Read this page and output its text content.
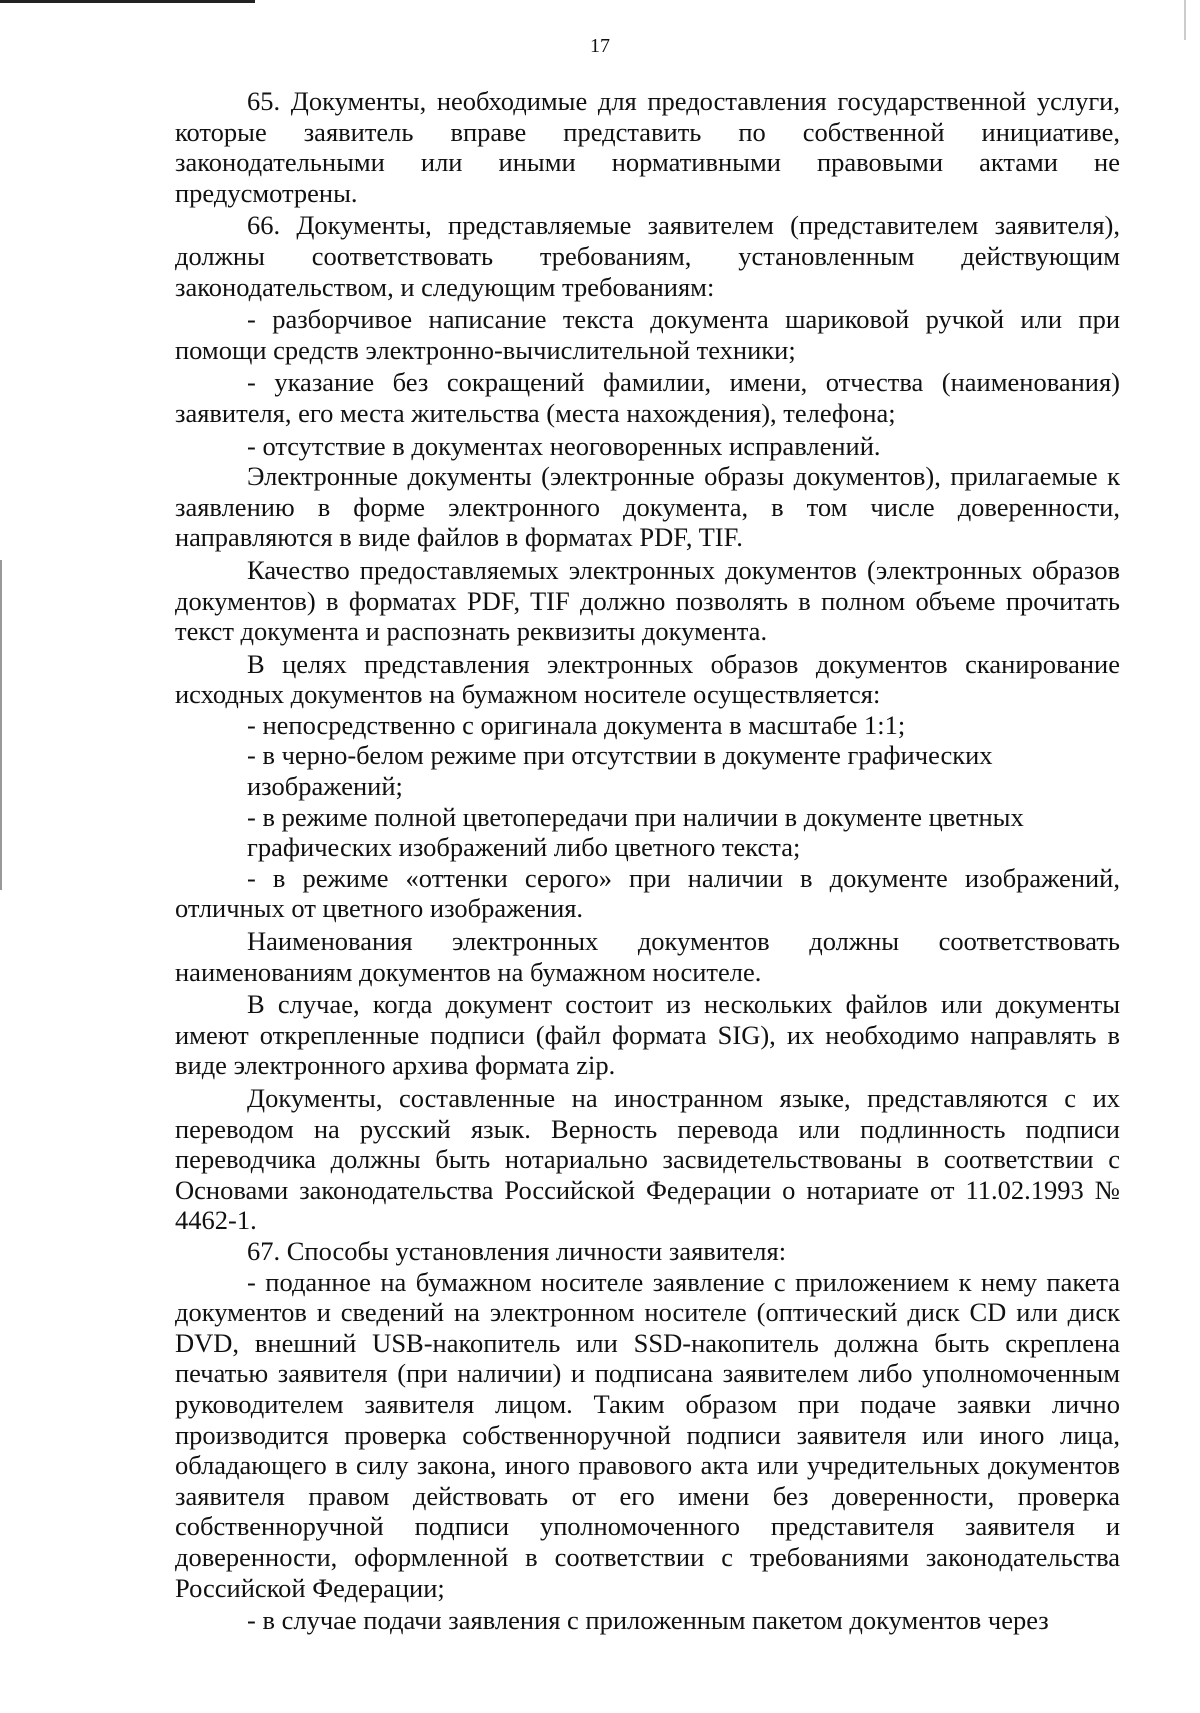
17

65. Документы, необходимые для предоставления государственной услуги, которые заявитель вправе представить по собственной инициативе, законодательными или иными нормативными правовыми актами не предусмотрены.

66. Документы, представляемые заявителем (представителем заявителя), должны соответствовать требованиям, установленным действующим законодательством, и следующим требованиям:

- разборчивое написание текста документа шариковой ручкой или при помощи средств электронно-вычислительной техники;

- указание без сокращений фамилии, имени, отчества (наименования) заявителя, его места жительства (места нахождения), телефона;

- отсутствие в документах неоговоренных исправлений.

Электронные документы (электронные образы документов), прилагаемые к заявлению в форме электронного документа, в том числе доверенности, направляются в виде файлов в форматах PDF, TIF.

Качество предоставляемых электронных документов (электронных образов документов) в форматах PDF, TIF должно позволять в полном объеме прочитать текст документа и распознать реквизиты документа.

В целях представления электронных образов документов сканирование исходных документов на бумажном носителе осуществляется:

- непосредственно с оригинала документа в масштабе 1:1;

- в черно-белом режиме при отсутствии в документе графических изображений;

- в режиме полной цветопередачи при наличии в документе цветных графических изображений либо цветного текста;

- в режиме «оттенки серого» при наличии в документе изображений, отличных от цветного изображения.

Наименования электронных документов должны соответствовать наименованиям документов на бумажном носителе.

В случае, когда документ состоит из нескольких файлов или документы имеют открепленные подписи (файл формата SIG), их необходимо направлять в виде электронного архива формата zip.

Документы, составленные на иностранном языке, представляются с их переводом на русский язык. Верность перевода или подлинность подписи переводчика должны быть нотариально засвидетельствованы в соответствии с Основами законодательства Российской Федерации о нотариате от 11.02.1993 № 4462-1.

67. Способы установления личности заявителя:

- поданное на бумажном носителе заявление с приложением к нему пакета документов и сведений на электронном носителе (оптический диск CD или диск DVD, внешний USB-накопитель или SSD-накопитель должна быть скреплена печатью заявителя (при наличии) и подписана заявителем либо уполномоченным руководителем заявителя лицом. Таким образом при подаче заявки лично производится проверка собственноручной подписи заявителя или иного лица, обладающего в силу закона, иного правового акта или учредительных документов заявителя правом действовать от его имени без доверенности, проверка собственноручной подписи уполномоченного представителя заявителя и доверенности, оформленной в соответствии с требованиями законодательства Российской Федерации;

- в случае подачи заявления с приложенным пакетом документов через
